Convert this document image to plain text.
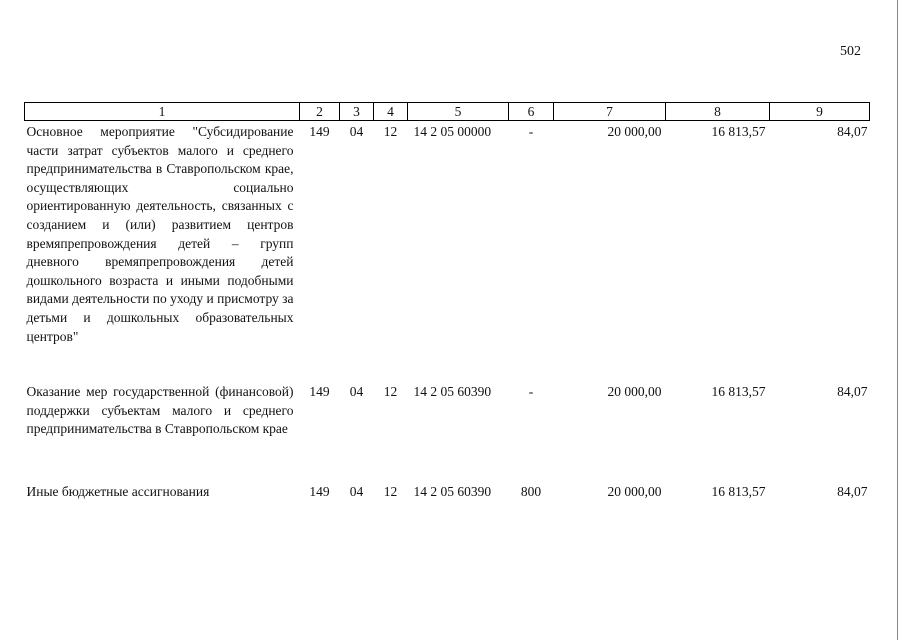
502
1	2	3	4	5	6	7	8	9
Основное мероприятие "Субсидирование части затрат субъектов малого и среднего предпринимательства в Ставропольском крае, осуществляющих социально ориентированную деятельность, связанных с созданием и (или) развитием центров времяпрепровождения детей – групп дневного времяпрепровождения детей дошкольного возраста и иными подобными видами деятельности по уходу и присмотру за детьми и дошкольных образовательных центров"	149	04	12	14 2 05 00000	-	20 000,00	16 813,57	84,07
Оказание мер государственной (финансовой) поддержки субъектам малого и среднего предпринимательства в Ставропольском крае	149	04	12	14 2 05 60390	-	20 000,00	16 813,57	84,07
Иные бюджетные ассигнования	149	04	12	14 2 05 60390	800	20 000,00	16 813,57	84,07
